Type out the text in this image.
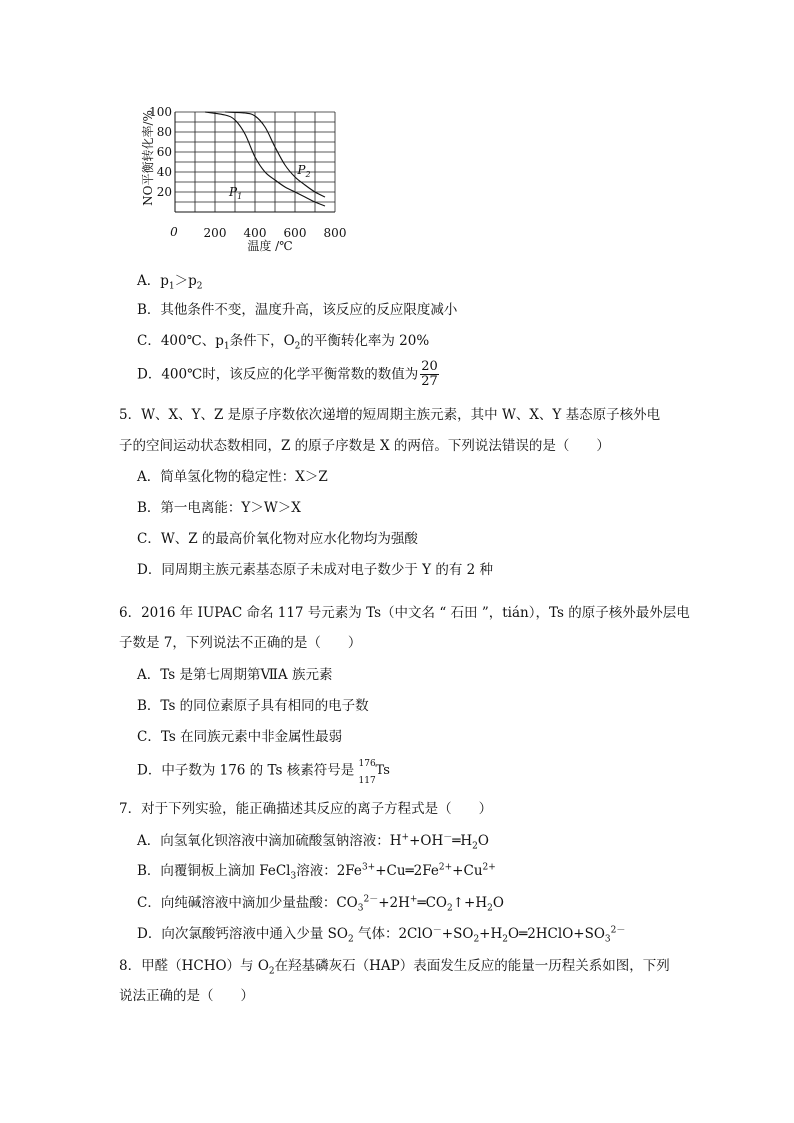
200 400 600 800
100
80
60
40
20
NO平衡转化率/%
温度 /℃
0
$P_1$
$P_2$
A．$p_1>p_2$
B．其他条件不变，温度升高，该反应的反应限度减小
C．400℃、$p_1$条件下，$O_2$的平衡转化率为 20%
D．400℃时，该反应的化学平衡常数的数值为 $\frac{20}{27}$
5．W、X、Y、Z 是原子序数依次递增的短周期主族元素，其中 W、X、Y 基态原子核外电
子的空间运动状态数相同，Z 的原子序数是 X 的两倍。下列说法错误的是（　　）
A．简单氢化物的稳定性：X＞Z
B．第一电离能：Y＞W＞X
C．W、Z 的最高价氧化物对应水化物均为强酸
D．同周期主族元素基态原子未成对电子数少于 Y 的有 2 种
6．2016 年 IUPAC 命名 117 号元素为 Ts（中文名 “ 石田 ”，tián），Ts 的原子核外最外层电
子数是 7，下列说法不正确的是（　　）
A．Ts 是第七周期第ⅦA 族元素
B．Ts 的同位素原子具有相同的电子数
C．Ts 在同族元素中非金属性最弱
D．中子数为 176 的 Ts 核素符号是 176
117
Ts
7．对于下列实验，能正确描述其反应的离子方程式是（　　）
A．向氢氧化钡溶液中滴加硫酸氢钠溶液：$H^++OH^-═H_2O$
B．向覆铜板上滴加 FeCl$_3$溶液：$2Fe^{3+}+Cu═2Fe^{2+}+Cu^{2+}$
C．向纯碱溶液中滴加少量盐酸：$CO_3^{2-}+2H^+═CO_2↑+H_2O$
D．向次氯酸钙溶液中通入少量 $SO_2$ 气体：$2ClO^-+SO_2+H_2O═2HClO+SO_3^{2-}$
8．甲醛（HCHO）与 $O_2$在羟基磷灰石（HAP）表面发生反应的能量一历程关系如图，下列
说法正确的是（　　）
